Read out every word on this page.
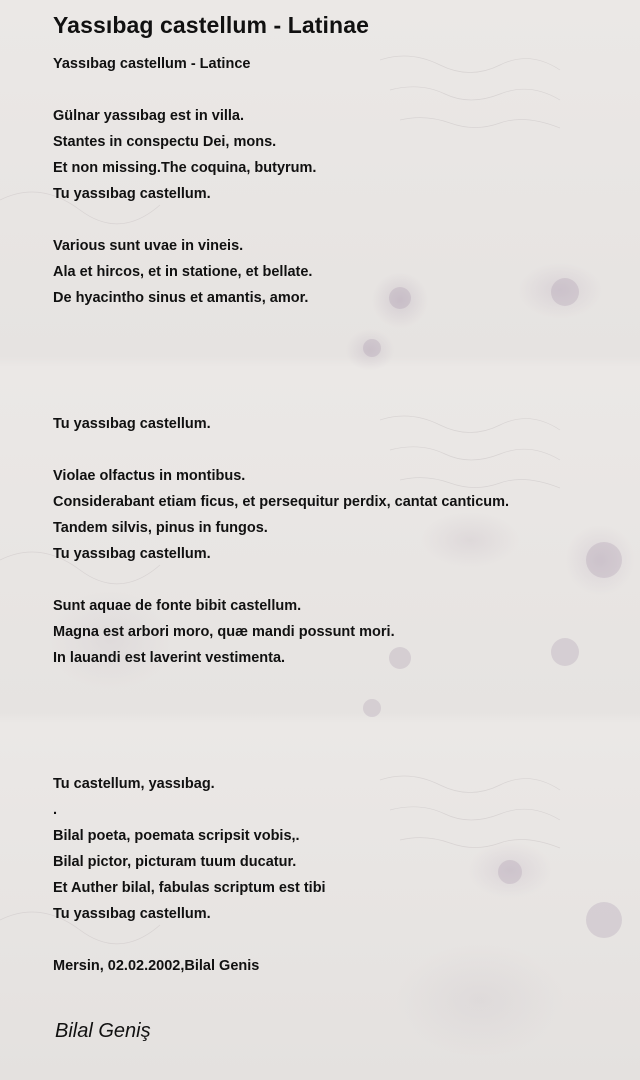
Yassıbag castellum - Latinae
Yassıbag castellum - Latince
Gülnar yassıbag est in villa.
Stantes in conspectu Dei, mons.
Et non missing.The coquina, butyrum.
Tu yassıbag castellum.
Various sunt uvae in vineis.
Ala et hircos, et in statione, et bellate.
De hyacintho sinus et amantis, amor.
Tu yassıbag castellum.
Violae olfactus in montibus.
Considerabant etiam ficus, et persequitur perdix, cantat canticum.
Tandem silvis, pinus in fungos.
Tu yassıbag castellum.
Sunt aquae de fonte bibit castellum.
Magna est arbori moro, quæ mandi possunt mori.
In lauandi est laverint vestimenta.
Tu castellum, yassıbag.
.
Bilal poeta, poemata scripsit vobis,.
Bilal pictor, picturam tuum ducatur.
Et Auther bilal, fabulas scriptum est tibi
Tu yassıbag castellum.
Mersin, 02.02.2002,Bilal Genis
Bilal Geniş
